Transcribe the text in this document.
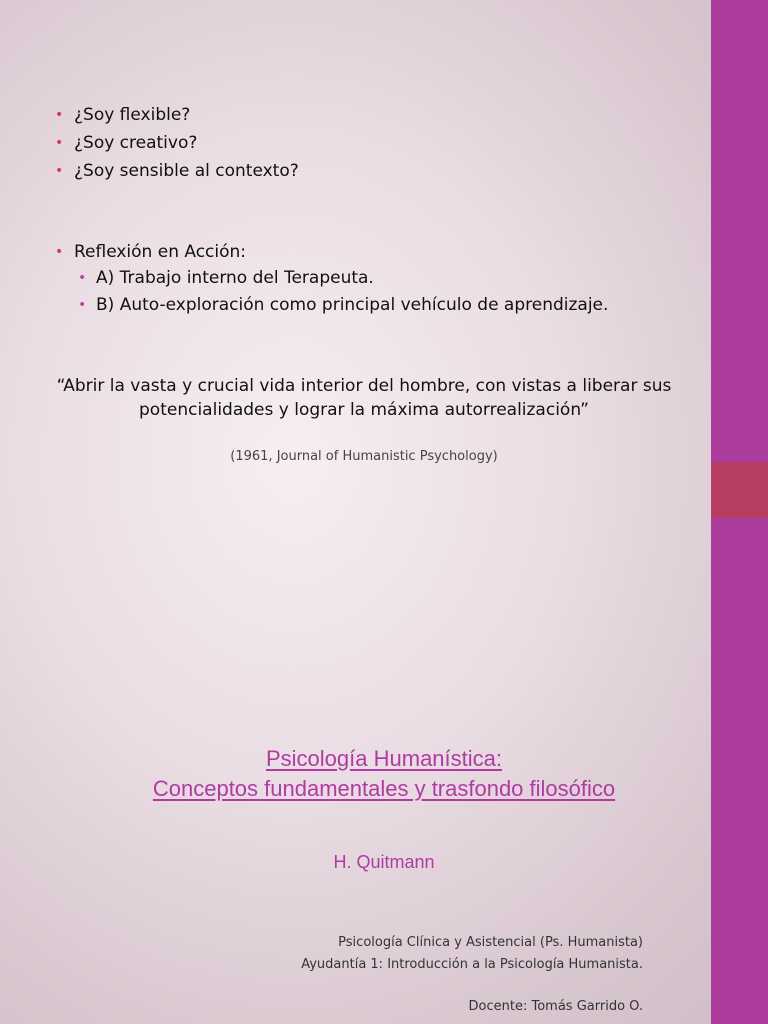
• ¿Soy flexible?
• ¿Soy creativo?
• ¿Soy sensible al contexto?
• Reflexión en Acción:
• A) Trabajo interno del Terapeuta.
• B) Auto-exploración como principal vehículo de aprendizaje.
“Abrir la vasta y crucial vida interior del hombre, con vistas a liberar sus potencialidades y lograr la máxima autorrealización”
(1961, Journal of Humanistic Psychology)
Psicología Humanística:
Conceptos fundamentales y trasfondo filosófico
H. Quitmann
Psicología Clínica y Asistencial (Ps. Humanista)
Ayudantía 1: Introducción a la Psicología Humanista.
Docente: Tomás Garrido O.
